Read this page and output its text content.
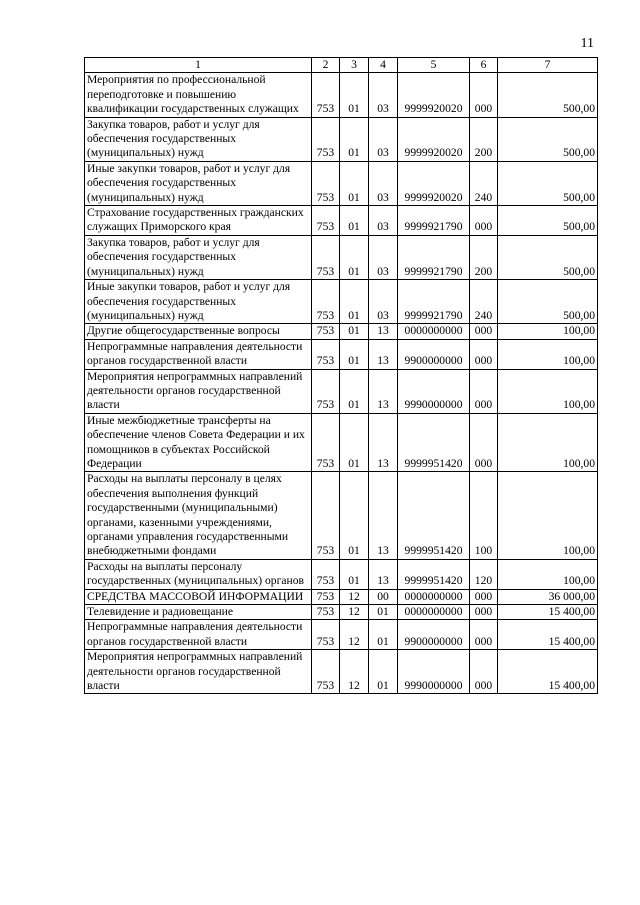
11
1	2	3	4	5	6	7
Мероприятия по профессиональной переподготовке и повышению квалификации государственных служащих	753	01	03	9999920020	000	500,00
Закупка товаров, работ и услуг для обеспечения государственных (муниципальных) нужд	753	01	03	9999920020	200	500,00
Иные закупки товаров, работ и услуг для обеспечения государственных (муниципальных) нужд	753	01	03	9999920020	240	500,00
Страхование государственных гражданских служащих Приморского края	753	01	03	9999921790	000	500,00
Закупка товаров, работ и услуг для обеспечения государственных (муниципальных) нужд	753	01	03	9999921790	200	500,00
Иные закупки товаров, работ и услуг для обеспечения государственных (муниципальных) нужд	753	01	03	9999921790	240	500,00
Другие общегосударственные вопросы	753	01	13	0000000000	000	100,00
Непрограммные направления деятельности органов государственной власти	753	01	13	9900000000	000	100,00
Мероприятия непрограммных направлений деятельности органов государственной власти	753	01	13	9990000000	000	100,00
Иные межбюджетные трансферты на обеспечение членов Совета Федерации и их помощников в субъектах Российской Федерации	753	01	13	9999951420	000	100,00
Расходы на выплаты персоналу в целях обеспечения выполнения функций государственными (муниципальными) органами, казенными учреждениями, органами управления государственными внебюджетными фондами	753	01	13	9999951420	100	100,00
Расходы на выплаты персоналу государственных (муниципальных) органов	753	01	13	9999951420	120	100,00
СРЕДСТВА МАССОВОЙ ИНФОРМАЦИИ	753	12	00	0000000000	000	36 000,00
Телевидение и радиовещание	753	12	01	0000000000	000	15 400,00
Непрограммные направления деятельности органов государственной власти	753	12	01	9900000000	000	15 400,00
Мероприятия непрограммных направлений деятельности органов государственной власти	753	12	01	9990000000	000	15 400,00
